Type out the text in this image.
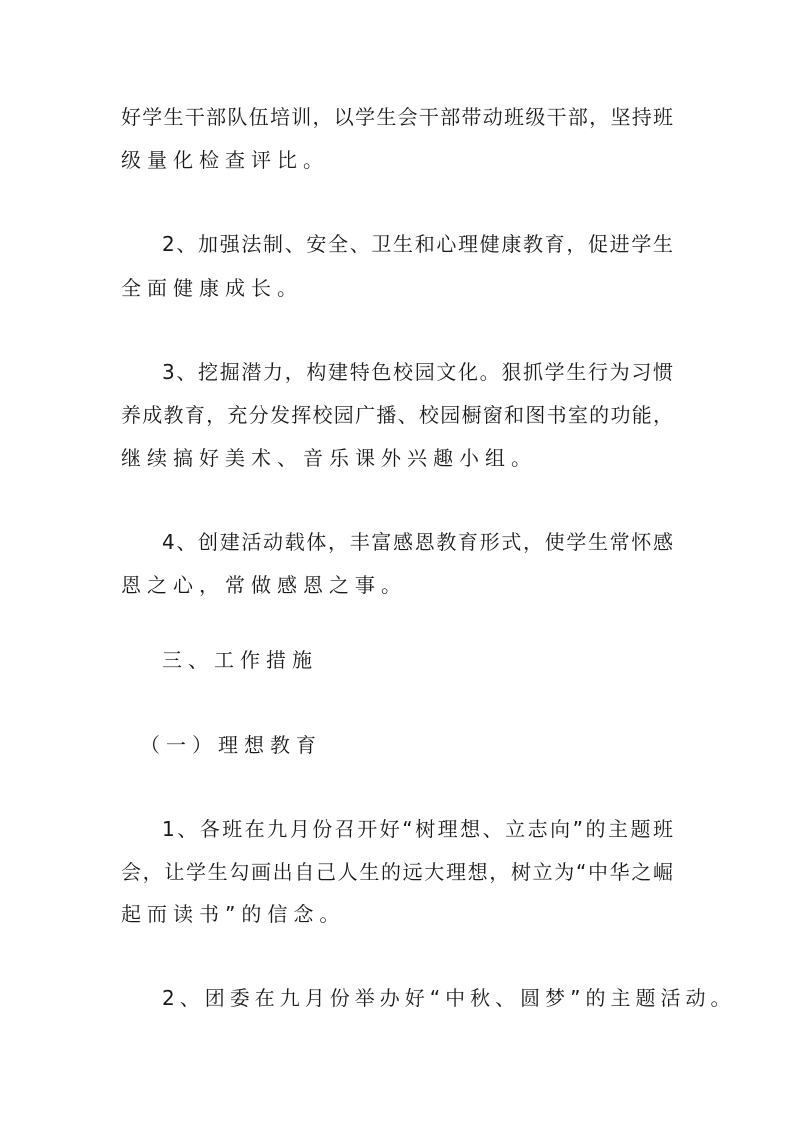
好学生干部队伍培训，以学生会干部带动班级干部，坚持班
级量化检查评比。
2、加强法制、安全、卫生和心理健康教育，促进学生
全面健康成长。
3、挖掘潜力，构建特色校园文化。狠抓学生行为习惯
养成教育，充分发挥校园广播、校园橱窗和图书室的功能，
继续搞好美术、音乐课外兴趣小组。
4、创建活动载体，丰富感恩教育形式，使学生常怀感
恩之心，常做感恩之事。
三、工作措施
（一）理想教育
1、各班在九月份召开好“树理想、立志向”的主题班
会，让学生勾画出自己人生的远大理想，树立为“中华之崛
起而读书”的信念。
2、团委在九月份举办好“中秋、圆梦”的主题活动。
